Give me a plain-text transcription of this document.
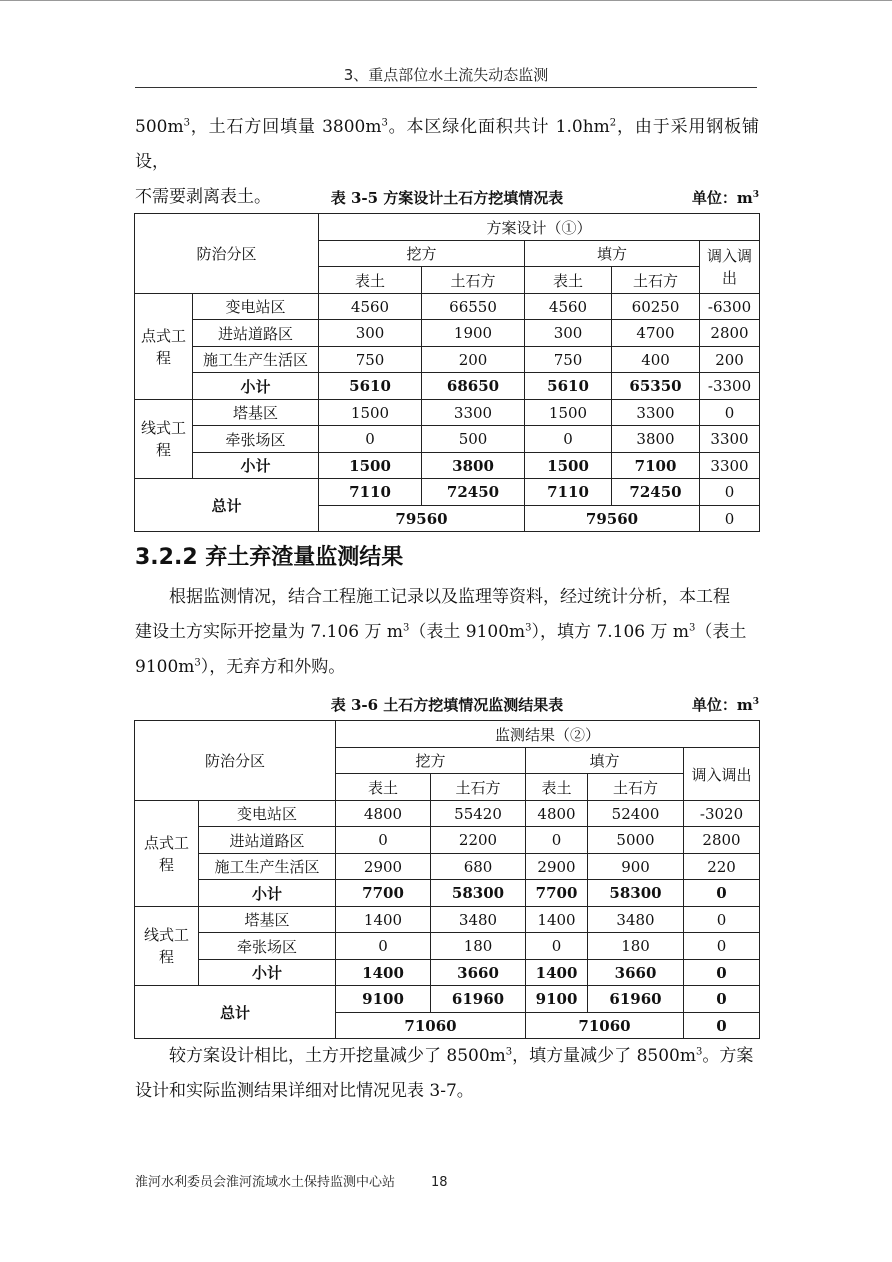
3、重点部位水土流失动态监测
$500m^3$，土石方回填量 $3800m^3$。本区绿化面积共计 $1.0hm^2$，由于采用钢板铺设，
不需要剥离表土。	表 3-5 方案设计土石方挖填情况表	单位：$m^3$
防治分区		方案设计（①）				
		挖方		填方		调入调出
		表土	土石方	表土	土石方	
点式工程	变电站区	4560	66550	4560	60250	-6300
	进站道路区	300	1900	300	4700	2800
	施工生产生活区	750	200	750	400	200
	小计	5610	68650	5610	65350	-3300
线式工程	塔基区	1500	3300	1500	3300	0
	牵张场区	0	500	0	3800	3300
	小计	1500	3800	1500	7100	3300
总计		7110	72450	7110	72450	0
		79560		79560		0
3.2.2 弃土弃渣量监测结果
根据监测情况，结合工程施工记录以及监理等资料，经过统计分析，本工程
建设土方实际开挖量为 7.106 万 $m^3$（表土 $9100m^3$），填方 7.106 万 $m^3$（表土
$9100m^3$），无弃方和外购。
表 3-6 土石方挖填情况监测结果表	单位：$m^3$
防治分区		监测结果（②）				
		挖方		填方		调入调出
		表土	土石方	表土	土石方	
点式工程	变电站区	4800	55420	4800	52400	-3020
	进站道路区	0	2200	0	5000	2800
	施工生产生活区	2900	680	2900	900	220
	小计	7700	58300	7700	58300	0
线式工程	塔基区	1400	3480	1400	3480	0
	牵张场区	0	180	0	180	0
	小计	1400	3660	1400	3660	0
总计		9100	61960	9100	61960	0
		71060		71060		0
较方案设计相比，土方开挖量减少了 $8500m^3$，填方量减少了 $8500m^3$。方案
设计和实际监测结果详细对比情况见表 3-7。
淮河水利委员会淮河流域水土保持监测中心站	18
